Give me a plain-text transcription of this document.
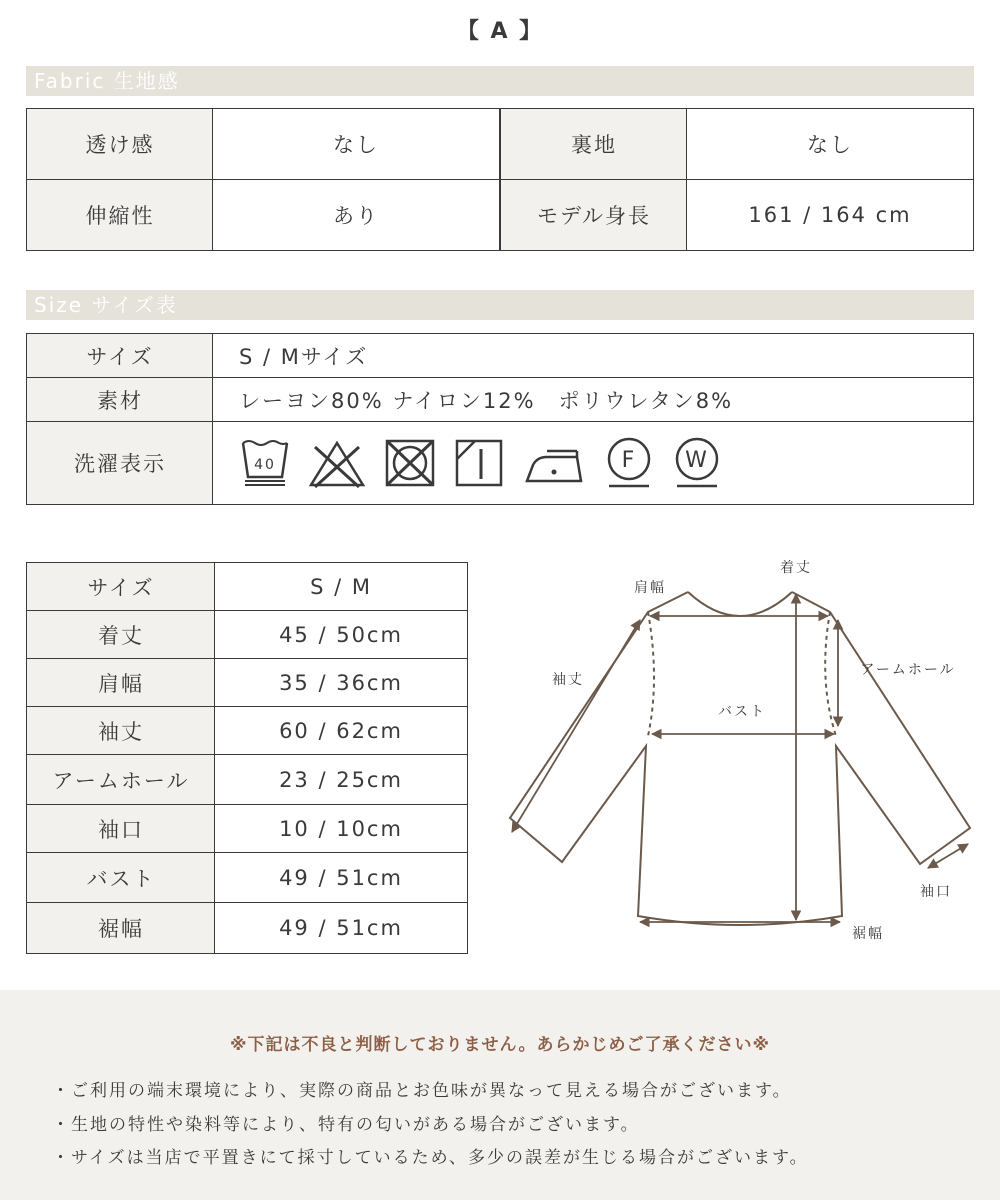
【 A 】
Fabric 生地感
透け感	なし	裏地	なし
伸縮性	あり	モデル身長	161 / 164 cm
Size サイズ表
サイズ	S / Mサイズ
素材	レーヨン80% ナイロン12%　ポリウレタン8%
洗濯表示	40	F W
サイズ	S / M
着丈	45 / 50cm
肩幅	35 / 36cm
袖丈	60 / 62cm
アームホール	23 / 25cm
袖口	10 / 10cm
バスト	49 / 51cm
裾幅	49 / 51cm
着丈
肩幅
袖丈
アームホール
バスト
袖口
裾幅
※下記は不良と判断しておりません。あらかじめご了承ください※
・ご利用の端末環境により、実際の商品とお色味が異なって見える場合がございます。
・生地の特性や染料等により、特有の匂いがある場合がございます。
・サイズは当店で平置きにて採寸しているため、多少の誤差が生じる場合がございます。
